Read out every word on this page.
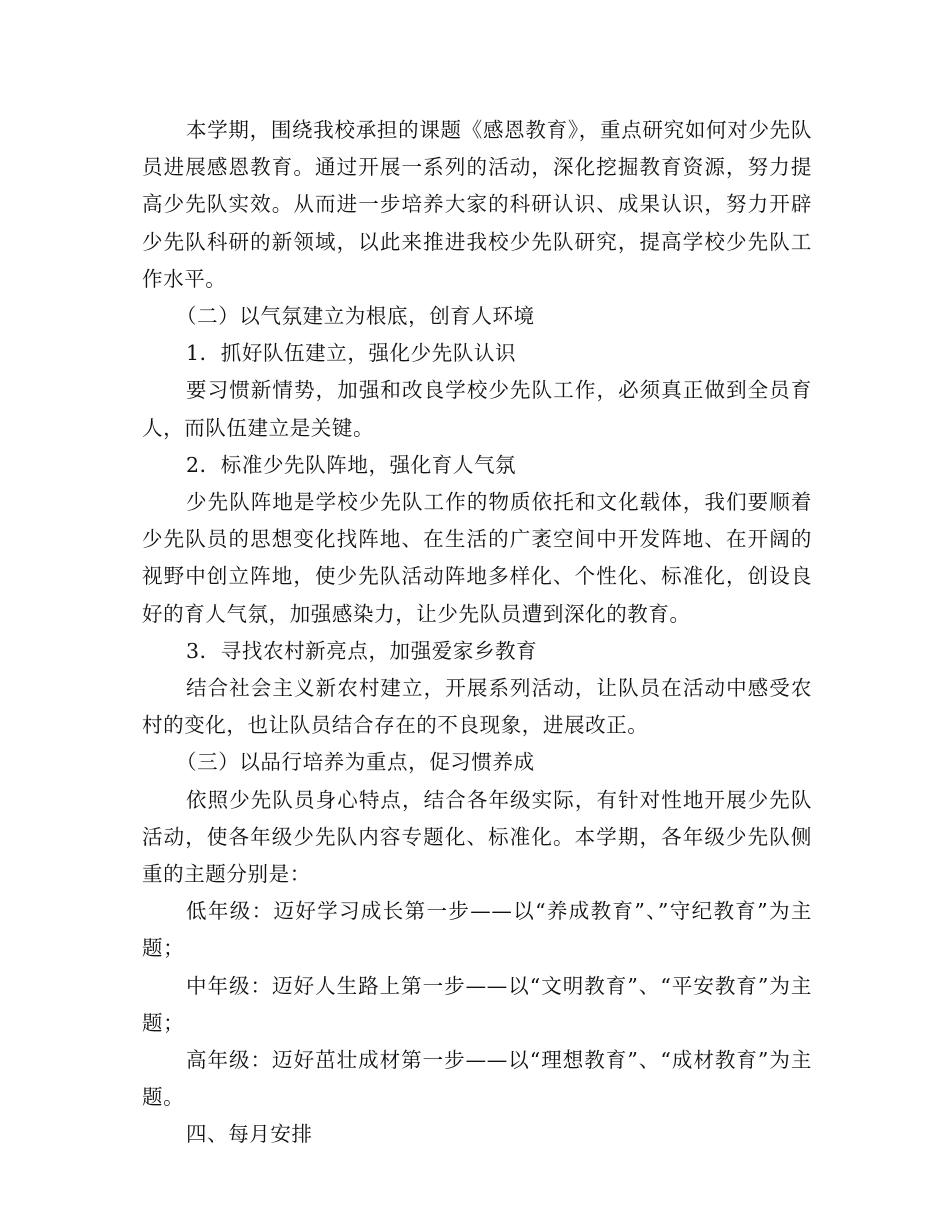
本学期，围绕我校承担的课题《感恩教育》，重点研究如何对少先队员进展感恩教育。通过开展一系列的活动，深化挖掘教育资源，努力提高少先队实效。从而进一步培养大家的科研认识、成果认识，努力开辟少先队科研的新领域，以此来推进我校少先队研究，提高学校少先队工作水平。

（二）以气氛建立为根底，创育人环境

1．抓好队伍建立，强化少先队认识

要习惯新情势，加强和改良学校少先队工作，必须真正做到全员育人，而队伍建立是关键。

2．标准少先队阵地，强化育人气氛

少先队阵地是学校少先队工作的物质依托和文化载体，我们要顺着少先队员的思想变化找阵地、在生活的广袤空间中开发阵地、在开阔的视野中创立阵地，使少先队活动阵地多样化、个性化、标准化，创设良好的育人气氛，加强感染力，让少先队员遭到深化的教育。

3．寻找农村新亮点，加强爱家乡教育

结合社会主义新农村建立，开展系列活动，让队员在活动中感受农村的变化，也让队员结合存在的不良现象，进展改正。

（三）以品行培养为重点，促习惯养成

依照少先队员身心特点，结合各年级实际，有针对性地开展少先队活动，使各年级少先队内容专题化、标准化。本学期，各年级少先队侧重的主题分别是：

低年级：迈好学习成长第一步——以“养成教育”、”守纪教育”为主题；

中年级：迈好人生路上第一步——以“文明教育”、“平安教育”为主题；

高年级：迈好茁壮成材第一步——以“理想教育”、“成材教育”为主题。

四、每月安排
